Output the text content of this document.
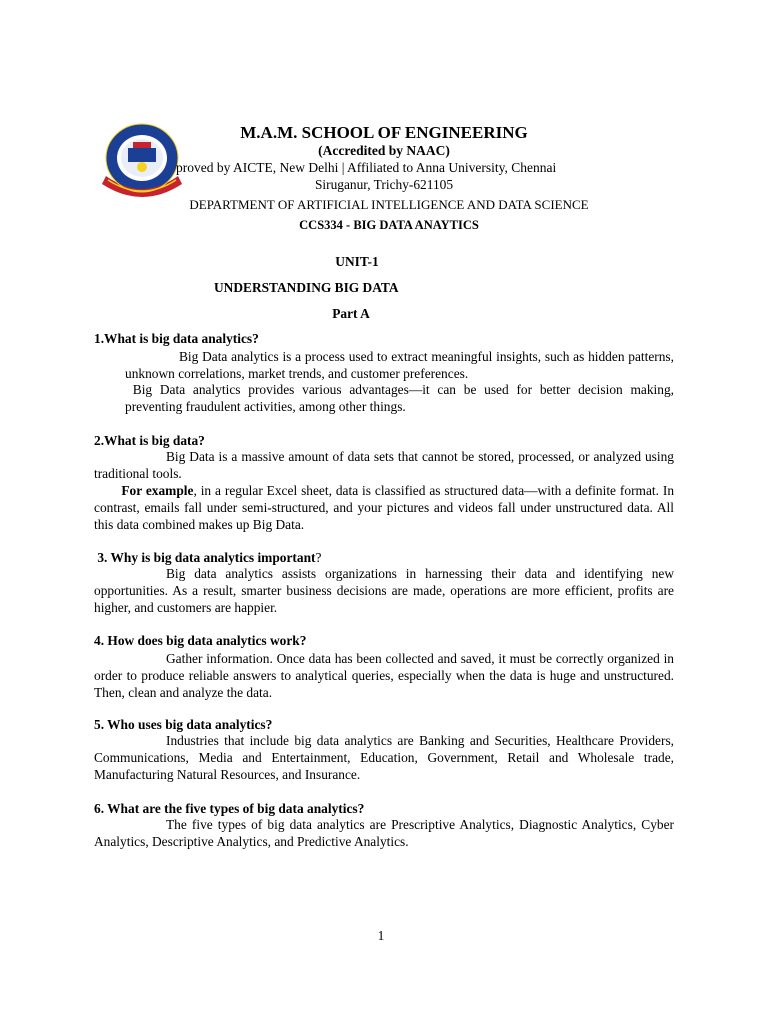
M.A.M. SCHOOL OF ENGINEERING
(Accredited by NAAC)
proved by AICTE, New Delhi | Affiliated to Anna University, Chennai
Siruganur, Trichy-621105
DEPARTMENT OF ARTIFICIAL INTELLIGENCE AND DATA SCIENCE
CCS334 - BIG DATA ANAYTICS
UNIT-1
UNDERSTANDING BIG DATA
Part A
1.What is big data analytics?
Big Data analytics is a process used to extract meaningful insights, such as hidden patterns, unknown correlations, market trends, and customer preferences.
Big Data analytics provides various advantages—it can be used for better decision making, preventing fraudulent activities, among other things.
2.What is big data?
Big Data is a massive amount of data sets that cannot be stored, processed, or analyzed using traditional tools.
For example, in a regular Excel sheet, data is classified as structured data—with a definite format. In contrast, emails fall under semi-structured, and your pictures and videos fall under unstructured data. All this data combined makes up Big Data.
3. Why is big data analytics important?
Big data analytics assists organizations in harnessing their data and identifying new opportunities. As a result, smarter business decisions are made, operations are more efficient, profits are higher, and customers are happier.
4. How does big data analytics work?
Gather information. Once data has been collected and saved, it must be correctly organized in order to produce reliable answers to analytical queries, especially when the data is huge and unstructured. Then, clean and analyze the data.
5. Who uses big data analytics?
Industries that include big data analytics are Banking and Securities, Healthcare Providers, Communications, Media and Entertainment, Education, Government, Retail and Wholesale trade, Manufacturing Natural Resources, and Insurance.
6. What are the five types of big data analytics?
The five types of big data analytics are Prescriptive Analytics, Diagnostic Analytics, Cyber Analytics, Descriptive Analytics, and Predictive Analytics.
1
